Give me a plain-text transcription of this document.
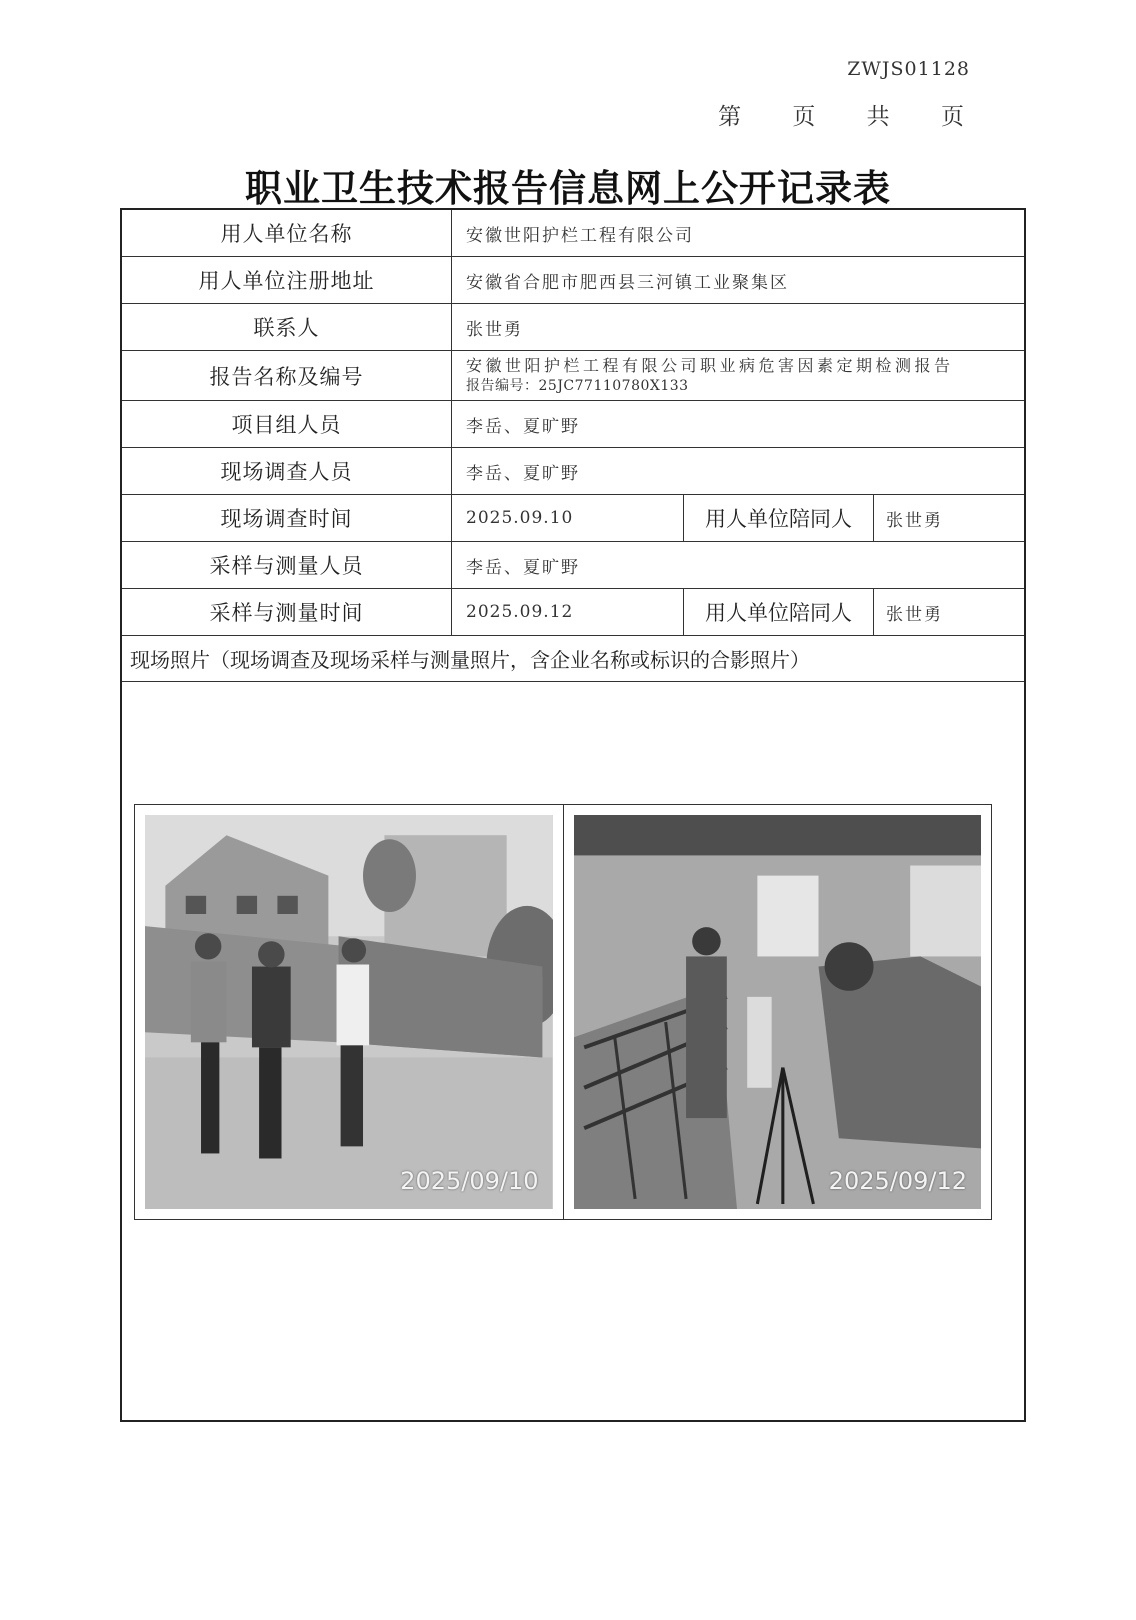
ZWJS01128
第 页 共 页
职业卫生技术报告信息网上公开记录表
用人单位名称	安徽世阳护栏工程有限公司
用人单位注册地址	安徽省合肥市肥西县三河镇工业聚集区
联系人	张世勇
报告名称及编号	安徽世阳护栏工程有限公司职业病危害因素定期检测报告
报告编号：25JC77110780X133
项目组人员	李岳、夏旷野
现场调查人员	李岳、夏旷野
现场调查时间	2025.09.10	用人单位陪同人	张世勇
采样与测量人员	李岳、夏旷野
采样与测量时间	2025.09.12	用人单位陪同人	张世勇
现场照片（现场调查及现场采样与测量照片，含企业名称或标识的合影照片）
2025/09/10	2025/09/12
